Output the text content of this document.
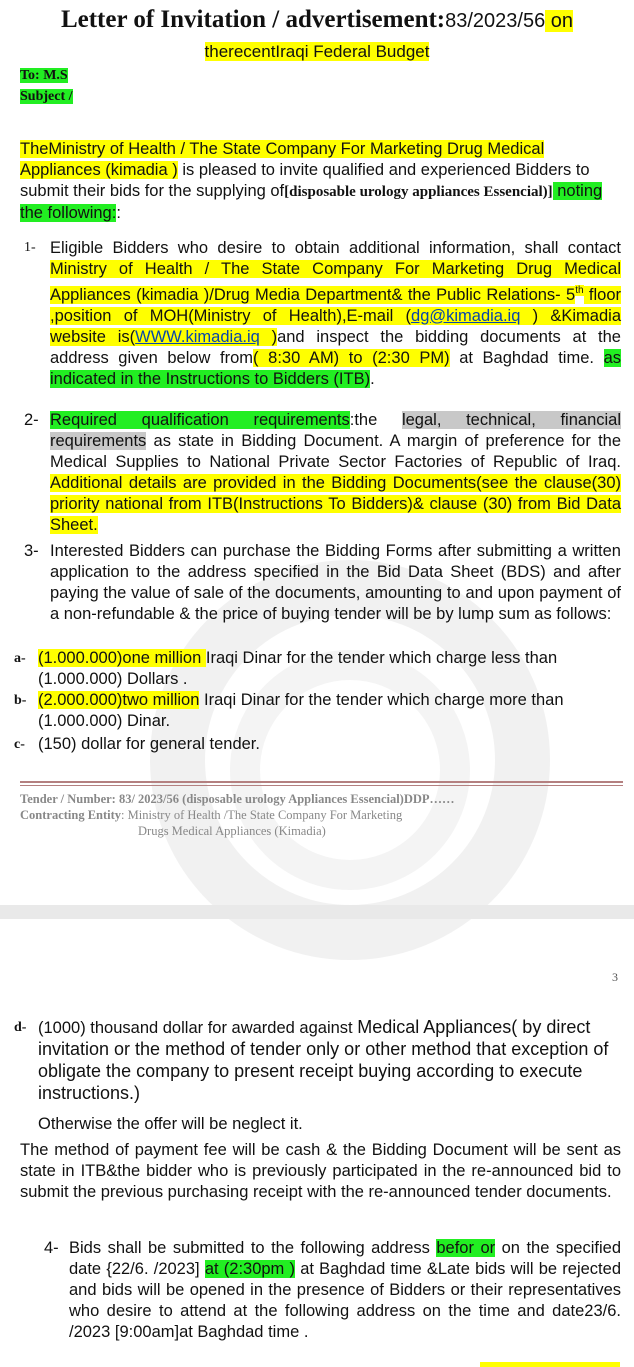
Letter of Invitation / advertisement:83/2023/56 on
therecentIraqi Federal Budget
To: M.S
Subject /
TheMinistry of Health / The State Company For Marketing Drug Medical Appliances (kimadia ) is pleased to invite qualified and experienced Bidders to submit their bids for the supplying of[disposable urology appliances Essencial)] noting the following::
1- Eligible Bidders who desire to obtain additional information, shall contact Ministry of Health / The State Company For Marketing Drug Medical Appliances (kimadia )/Drug Media Department& the Public Relations- 5th floor ,position of MOH(Ministry of Health),E-mail (dg@kimadia.iq ) &Kimadia website is(WWW.kimadia.iq )and inspect the bidding documents at the address given below from( 8:30 AM) to (2:30 PM) at Baghdad time. as indicated in the Instructions to Bidders (ITB).
2- Required qualification requirements:the legal, technical, financial requirements as state in Bidding Document. A margin of preference for the Medical Supplies to National Private Sector Factories of Republic of Iraq. Additional details are provided in the Bidding Documents(see the clause(30) priority national from ITB(Instructions To Bidders)& clause (30) from Bid Data Sheet.
3- Interested Bidders can purchase the Bidding Forms after submitting a written application to the address specified in the Bid Data Sheet (BDS) and after paying the value of sale of the documents, amounting to and upon payment of a non-refundable & the price of buying tender will be by lump sum as follows:
a- (1.000.000)one million Iraqi Dinar for the tender which charge less than (1.000.000) Dollars .
b- (2.000.000)two million Iraqi Dinar for the tender which charge more than (1.000.000) Dinar.
c- (150) dollar for general tender.
Tender / Number: 83/ 2023/56 (disposable urology Appliances Essencial)DDP……
Contracting Entity: Ministry of Health /The State Company For Marketing
Drugs Medical Appliances (Kimadia)
3
d- (1000) thousand dollar for awarded against Medical Appliances( by direct invitation or the method of tender only or other method that exception of obligate the company to present receipt buying according to execute instructions.)
Otherwise the offer will be neglect it.
The method of payment fee will be cash & the Bidding Document will be sent as state in ITB&the bidder who is previously participated in the re-announced bid to submit the previous purchasing receipt with the re-announced tender documents.
4- Bids shall be submitted to the following address befor or on the specified date {22/6. /2023] at (2:30pm ) at Baghdad time &Late bids will be rejected and bids will be opened in the presence of Bidders or their representatives who desire to attend at the following address on the time and date23/6. /2023 [9:00am]at Baghdad time .
